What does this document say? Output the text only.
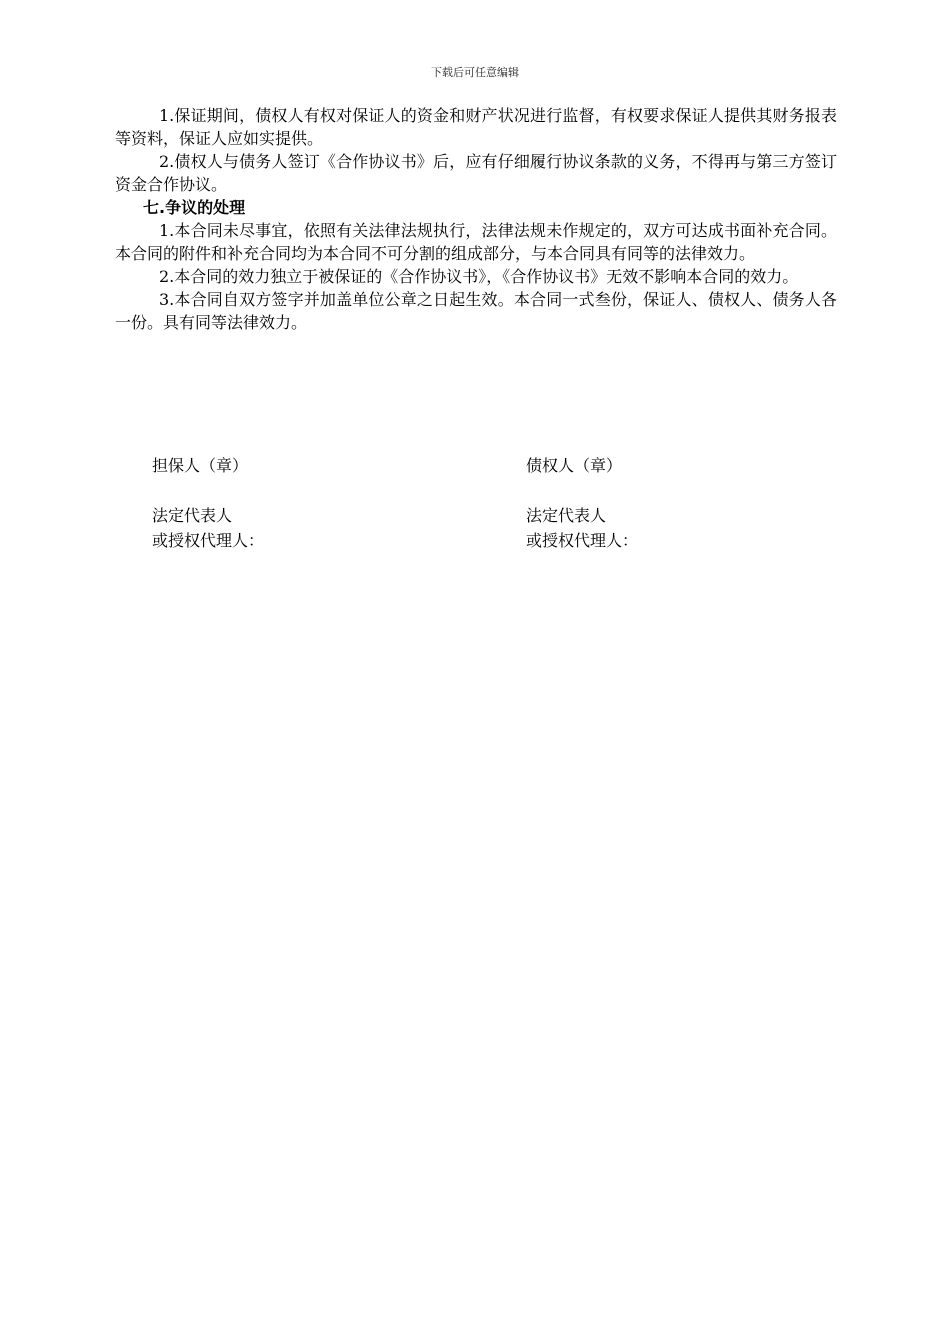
下载后可任意编辑

1.保证期间，债权人有权对保证人的资金和财产状况进行监督，有权要求保证人提供其财务报表等资料，保证人应如实提供。

2.债权人与债务人签订《合作协议书》后，应有仔细履行协议条款的义务，不得再与第三方签订资金合作协议。

七.争议的处理

1.本合同未尽事宜，依照有关法律法规执行，法律法规未作规定的，双方可达成书面补充合同。本合同的附件和补充合同均为本合同不可分割的组成部分，与本合同具有同等的法律效力。

2.本合同的效力独立于被保证的《合作协议书》，《合作协议书》无效不影响本合同的效力。

3.本合同自双方签字并加盖单位公章之日起生效。本合同一式叁份，保证人、债权人、债务人各一份。具有同等法律效力。

担保人（章）	债权人（章）
法定代表人	法定代表人
或授权代理人：	或授权代理人：
